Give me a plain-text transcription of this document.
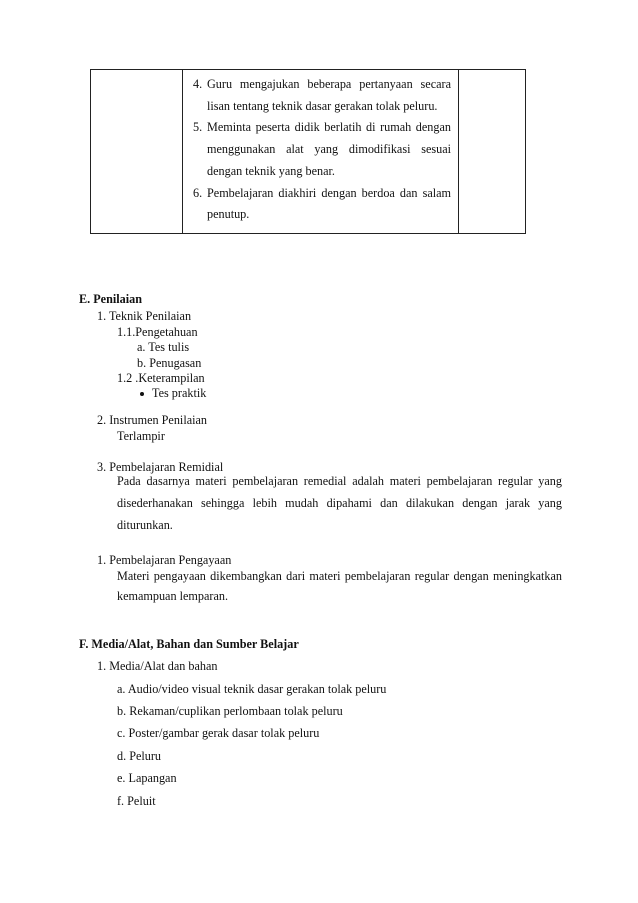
4. Guru mengajukan beberapa pertanyaan secara lisan tentang teknik dasar gerakan tolak peluru.
5. Meminta peserta didik berlatih di rumah dengan menggunakan alat yang dimodifikasi sesuai dengan teknik yang benar.
6. Pembelajaran diakhiri dengan berdoa dan salam penutup.
E. Penilaian
1. Teknik Penilaian
1.1.Pengetahuan
a. Tes tulis
b. Penugasan
1.2 .Keterampilan
Tes praktik
2. Instrumen Penilaian
Terlampir
3. Pembelajaran Remidial
Pada dasarnya materi pembelajaran remedial adalah materi pembelajaran regular yang disederhanakan sehingga lebih mudah dipahami dan dilakukan dengan jarak yang diturunkan.
1. Pembelajaran Pengayaan
Materi pengayaan dikembangkan dari materi pembelajaran regular dengan meningkatkan kemampuan lemparan.
F. Media/Alat, Bahan dan Sumber Belajar
1. Media/Alat dan bahan
a. Audio/video visual teknik dasar gerakan tolak peluru
b. Rekaman/cuplikan perlombaan tolak peluru
c. Poster/gambar gerak dasar tolak peluru
d. Peluru
e. Lapangan
f. Peluit
